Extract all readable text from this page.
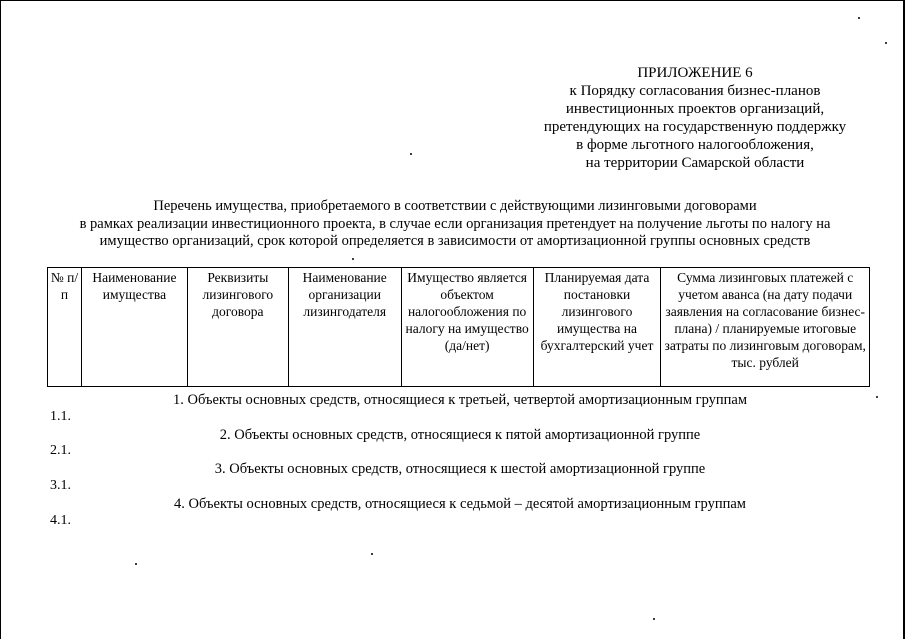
ПРИЛОЖЕНИЕ 6
к Порядку согласования бизнес-планов
инвестиционных проектов организаций,
претендующих на государственную поддержку
в форме льготного налогообложения,
на территории Самарской области
Перечень имущества, приобретаемого в соответствии с действующими лизинговыми договорами
в рамках реализации инвестиционного проекта, в случае если организация претендует на получение льготы по налогу на
имущество организаций, срок которой определяется в зависимости от амортизационной группы основных средств
№ п/п	Наименование имущества	Реквизиты лизингового договора	Наименование организации лизингодателя	Имущество является объектом налогообложения по налогу на имущество (да/нет)	Планируемая дата постановки лизингового имущества на бухгалтерский учет	Сумма лизинговых платежей с учетом аванса (на дату подачи заявления на согласование бизнес-плана) / планируемые итоговые затраты по лизинговым договорам, тыс. рублей
1. Объекты основных средств, относящиеся к третьей, четвертой амортизационным группам
1.1.
2. Объекты основных средств, относящиеся к пятой амортизационной группе
2.1.
3. Объекты основных средств, относящиеся к шестой амортизационной группе
3.1.
4. Объекты основных средств, относящиеся к седьмой – десятой амортизационным группам
4.1.
